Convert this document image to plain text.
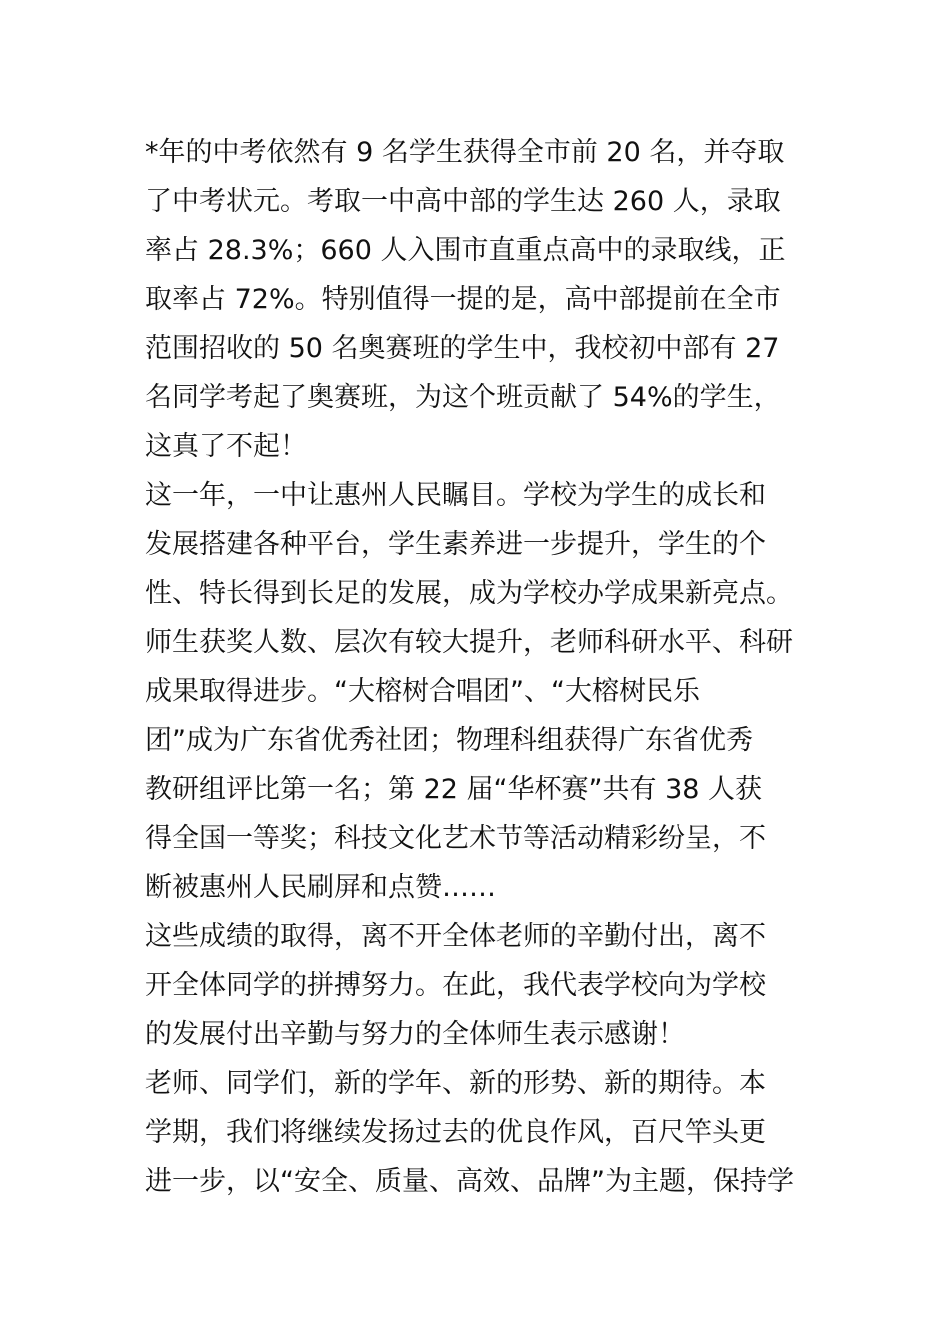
*年的中考依然有 9 名学生获得全市前 20 名，并夺取
了中考状元。考取一中高中部的学生达 260 人，录取
率占 28.3%；660 人入围市直重点高中的录取线，正
取率占 72%。特别值得一提的是，高中部提前在全市
范围招收的 50 名奥赛班的学生中，我校初中部有 27
名同学考起了奥赛班，为这个班贡献了 54%的学生，
这真了不起！
这一年，一中让惠州人民瞩目。学校为学生的成长和
发展搭建各种平台，学生素养进一步提升，学生的个
性、特长得到长足的发展，成为学校办学成果新亮点。
师生获奖人数、层次有较大提升，老师科研水平、科研
成果取得进步。“大榕树合唱团”、“大榕树民乐
团”成为广东省优秀社团；物理科组获得广东省优秀
教研组评比第一名；第 22 届“华杯赛”共有 38 人获
得全国一等奖；科技文化艺术节等活动精彩纷呈，不
断被惠州人民刷屏和点赞……
这些成绩的取得，离不开全体老师的辛勤付出，离不
开全体同学的拼搏努力。在此，我代表学校向为学校
的发展付出辛勤与努力的全体师生表示感谢！
老师、同学们，新的学年、新的形势、新的期待。本
学期，我们将继续发扬过去的优良作风，百尺竿头更
进一步，以“安全、质量、高效、品牌”为主题，保持学
